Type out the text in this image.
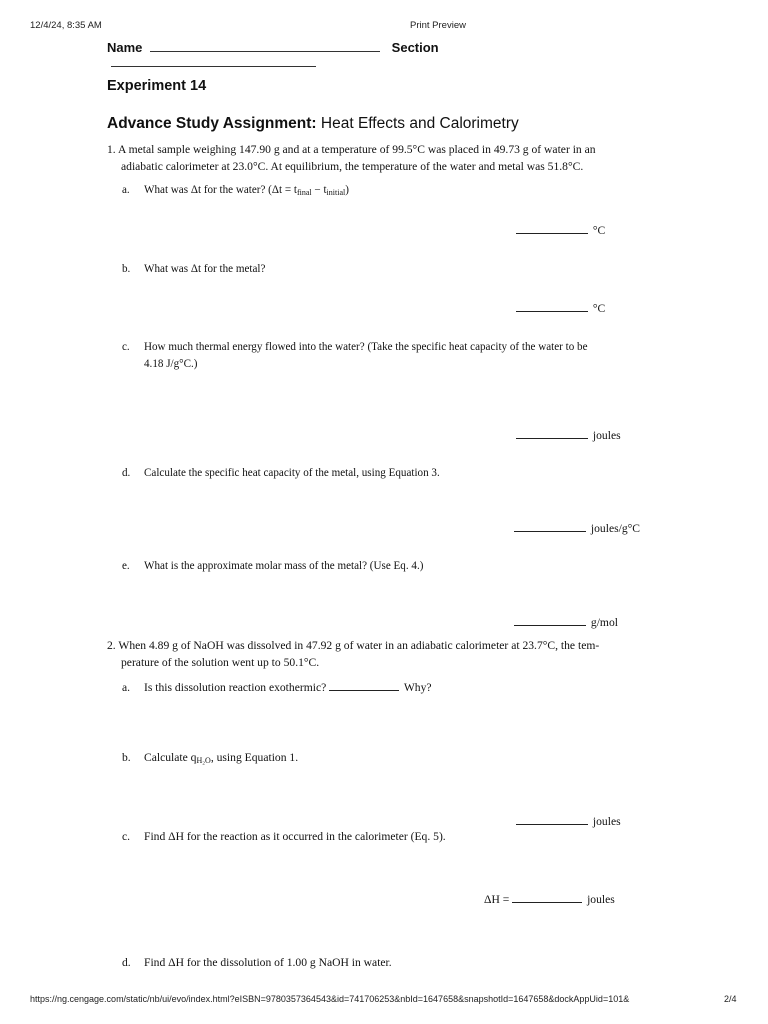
12/4/24, 8:35 AM	Print Preview
Name	Section
Experiment 14
Advance Study Assignment: Heat Effects and Calorimetry
1. A metal sample weighing 147.90 g and at a temperature of 99.5°C was placed in 49.73 g of water in an
adiabatic calorimeter at 23.0°C. At equilibrium, the temperature of the water and metal was 51.8°C.
a. What was Δt for the water? $(\Delta t = t_{final} - t_{initial})$
°C
b. What was Δt for the metal?
°C
c. How much thermal energy flowed into the water? (Take the specific heat capacity of the water to be
4.18 J/g°C.)
joules
d. Calculate the specific heat capacity of the metal, using Equation 3.
joules/g°C
e. What is the approximate molar mass of the metal? (Use Eq. 4.)
g/mol
2. When 4.89 g of NaOH was dissolved in 47.92 g of water in an adiabatic calorimeter at 23.7°C, the tem-
perature of the solution went up to 50.1°C.
a. Is this dissolution reaction exothermic?	Why?
b. Calculate $q_{H_2O}$, using Equation 1.
joules
c. Find ΔH for the reaction as it occurred in the calorimeter (Eq. 5).
ΔH =	joules
d. Find ΔH for the dissolution of 1.00 g NaOH in water.
https://ng.cengage.com/static/nb/ui/evo/index.html?eISBN=9780357364543&id=741706253&nbId=1647658&snapshotId=1647658&dockAppUid=101&	2/4
